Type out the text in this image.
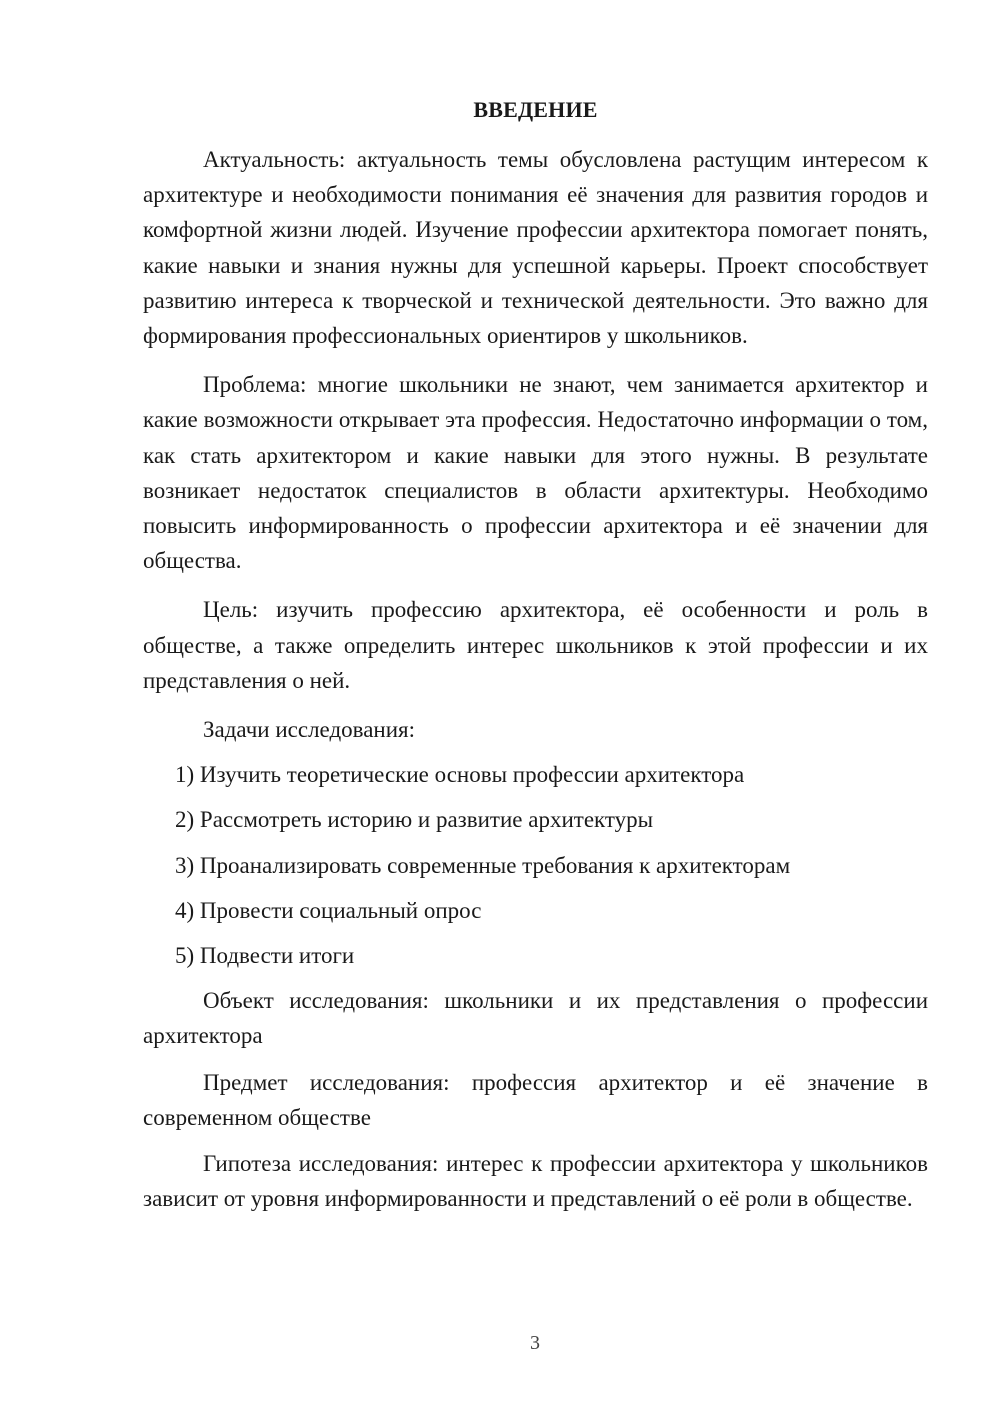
ВВЕДЕНИЕ

Актуальность: актуальность темы обусловлена растущим интересом к архитектуре и необходимости понимания её значения для развития городов и комфортной жизни людей. Изучение профессии архитектора помогает понять, какие навыки и знания нужны для успешной карьеры. Проект способствует развитию интереса к творческой и технической деятельности. Это важно для формирования профессиональных ориентиров у школьников.

Проблема: многие школьники не знают, чем занимается архитектор и какие возможности открывает эта профессия. Недостаточно информации о том, как стать архитектором и какие навыки для этого нужны. В результате возникает недостаток специалистов в области архитектуры. Необходимо повысить информированность о профессии архитектора и её значении для общества.

Цель: изучить профессию архитектора, её особенности и роль в обществе, а также определить интерес школьников к этой профессии и их представления о ней.

Задачи исследования:
1) Изучить теоретические основы профессии архитектора
2) Рассмотреть историю и развитие архитектуры
3) Проанализировать современные требования к архитекторам
4) Провести социальный опрос
5) Подвести итоги

Объект исследования: школьники и их представления о профессии архитектора

Предмет исследования: профессия архитектор и её значение в современном обществе

Гипотеза исследования: интерес к профессии архитектора у школьников зависит от уровня информированности и представлений о её роли в обществе.

3
